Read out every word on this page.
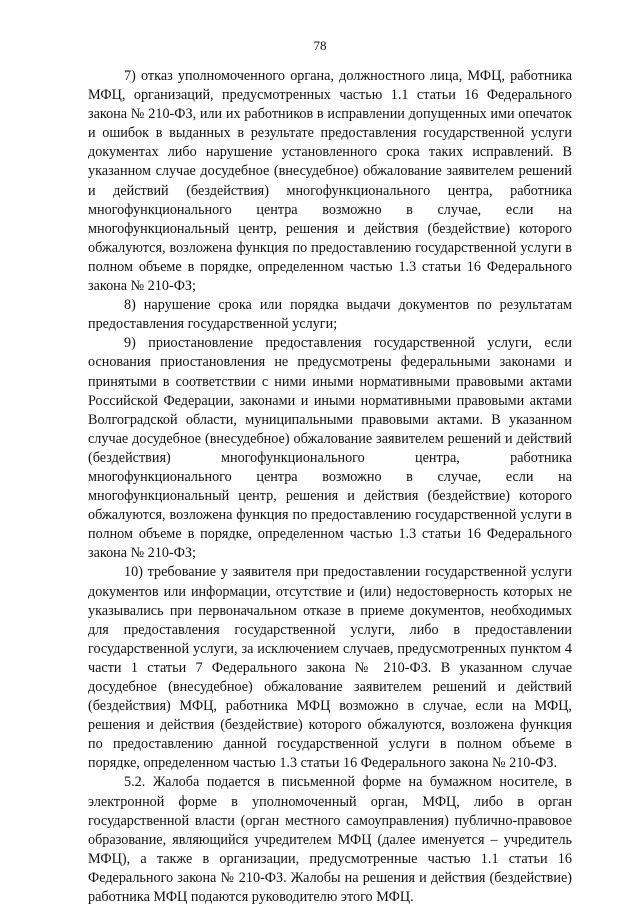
78

7) отказ уполномоченного органа, должностного лица, МФЦ, работника МФЦ, организаций, предусмотренных частью 1.1 статьи 16 Федерального закона № 210-ФЗ, или их работников в исправлении допущенных ими опечаток и ошибок в выданных в результате предоставления государственной услуги документах либо нарушение установленного срока таких исправлений. В указанном случае досудебное (внесудебное) обжалование заявителем решений и действий (бездействия) многофункционального центра, работника многофункционального центра возможно в случае, если на многофункциональный центр, решения и действия (бездействие) которого обжалуются, возложена функция по предоставлению государственной услуги в полном объеме в порядке, определенном частью 1.3 статьи 16 Федерального закона № 210-ФЗ;

8) нарушение срока или порядка выдачи документов по результатам предоставления государственной услуги;

9) приостановление предоставления государственной услуги, если основания приостановления не предусмотрены федеральными законами и принятыми в соответствии с ними иными нормативными правовыми актами Российской Федерации, законами и иными нормативными правовыми актами Волгоградской области, муниципальными правовыми актами. В указанном случае досудебное (внесудебное) обжалование заявителем решений и действий (бездействия) многофункционального центра, работника многофункционального центра возможно в случае, если на многофункциональный центр, решения и действия (бездействие) которого обжалуются, возложена функция по предоставлению государственной услуги в полном объеме в порядке, определенном частью 1.3 статьи 16 Федерального закона № 210-ФЗ;

10) требование у заявителя при предоставлении государственной услуги документов или информации, отсутствие и (или) недостоверность которых не указывались при первоначальном отказе в приеме документов, необходимых для предоставления государственной услуги, либо в предоставлении государственной услуги, за исключением случаев, предусмотренных пунктом 4 части 1 статьи 7 Федерального закона № 210-ФЗ. В указанном случае досудебное (внесудебное) обжалование заявителем решений и действий (бездействия) МФЦ, работника МФЦ возможно в случае, если на МФЦ, решения и действия (бездействие) которого обжалуются, возложена функция по предоставлению данной государственной услуги в полном объеме в порядке, определенном частью 1.3 статьи 16 Федерального закона № 210-ФЗ.

5.2. Жалоба подается в письменной форме на бумажном носителе, в электронной форме в уполномоченный орган, МФЦ, либо в орган государственной власти (орган местного самоуправления) публично-правовое образование, являющийся учредителем МФЦ (далее именуется – учредитель МФЦ), а также в организации, предусмотренные частью 1.1 статьи 16 Федерального закона № 210-ФЗ. Жалобы на решения и действия (бездействие) работника МФЦ подаются руководителю этого МФЦ.
